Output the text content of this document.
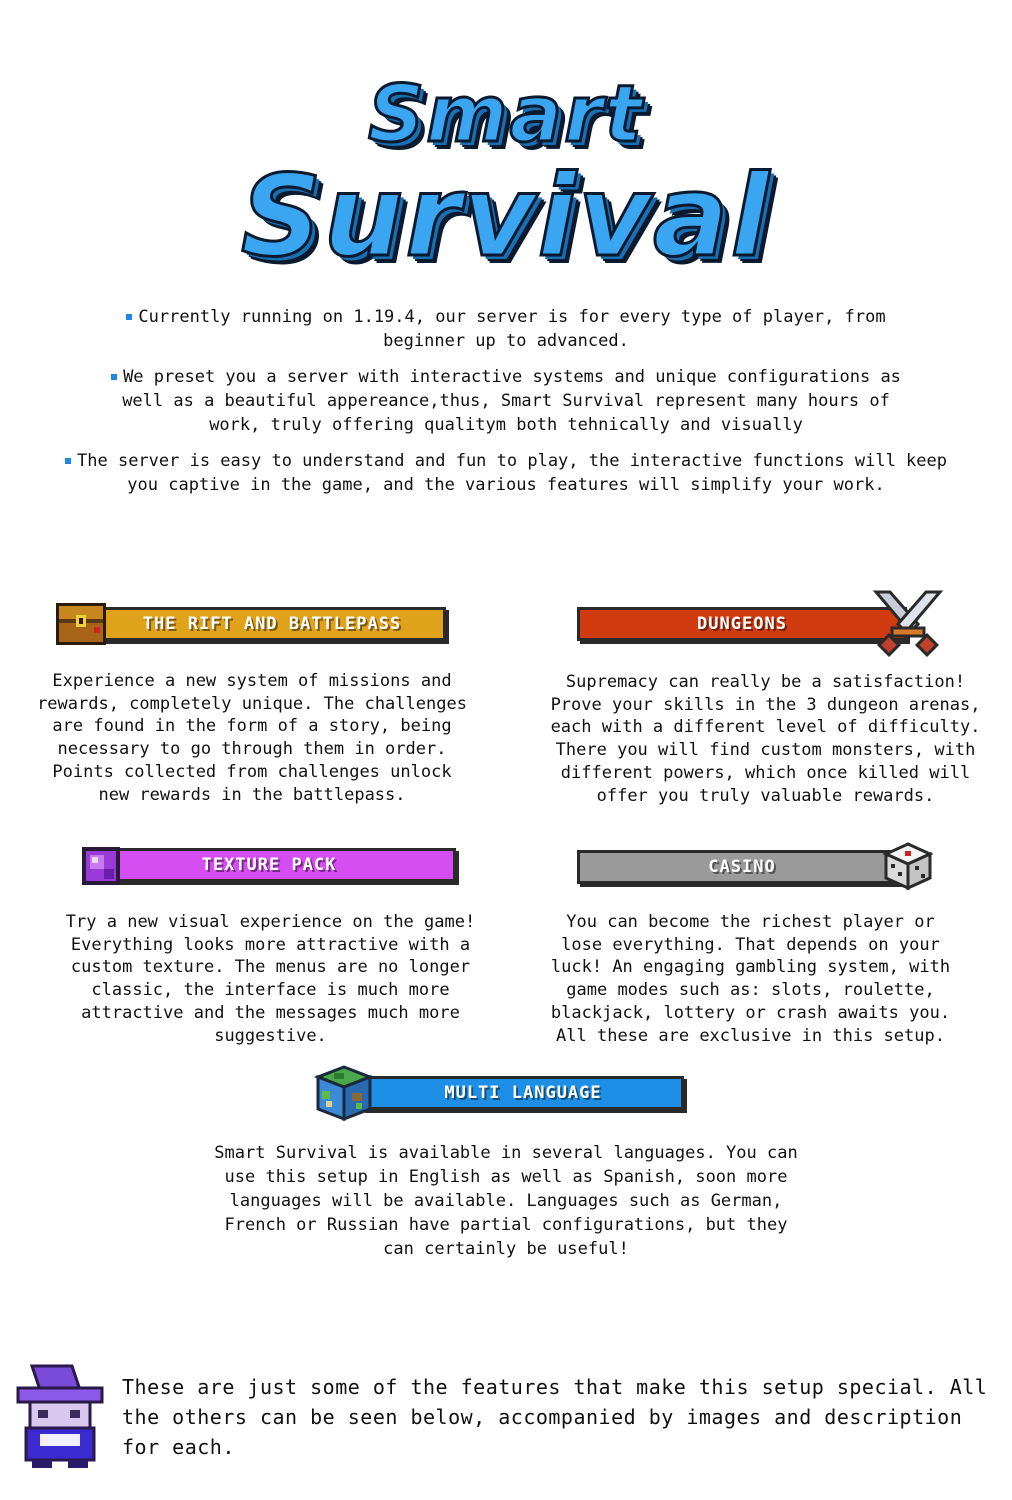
Smart
Survival

Currently running on 1.19.4, our server is for every type of player, from beginner up to advanced.

We preset you a server with interactive systems and unique configurations as well as a beautiful appereance,thus, Smart Survival represent many hours of work, truly offering qualitym both tehnically and visually

The server is easy to understand and fun to play, the interactive functions will keep you captive in the game, and the various features will simplify your work.

THE RIFT AND BATTLEPASS
Experience a new system of missions and rewards, completely unique. The challenges are found in the form of a story, being necessary to go through them in order. Points collected from challenges unlock new rewards in the battlepass.
DUNGEONS
Supremacy can really be a satisfaction! Prove your skills in the 3 dungeon arenas, each with a different level of difficulty. There you will find custom monsters, with different powers, which once killed will offer you truly valuable rewards.
TEXTURE PACK
Try a new visual experience on the game! Everything looks more attractive with a custom texture. The menus are no longer classic, the interface is much more attractive and the messages much more suggestive.
CASINO
You can become the richest player or lose everything. That depends on your luck! An engaging gambling system, with game modes such as: slots, roulette, blackjack, lottery or crash awaits you. All these are exclusive in this setup.
MULTI LANGUAGE
Smart Survival is available in several languages. You can use this setup in English as well as Spanish, soon more languages will be available. Languages such as German, French or Russian have partial configurations, but they can certainly be useful!
These are just some of the features that make this setup special. All the others can be seen below, accompanied by images and description for each.
